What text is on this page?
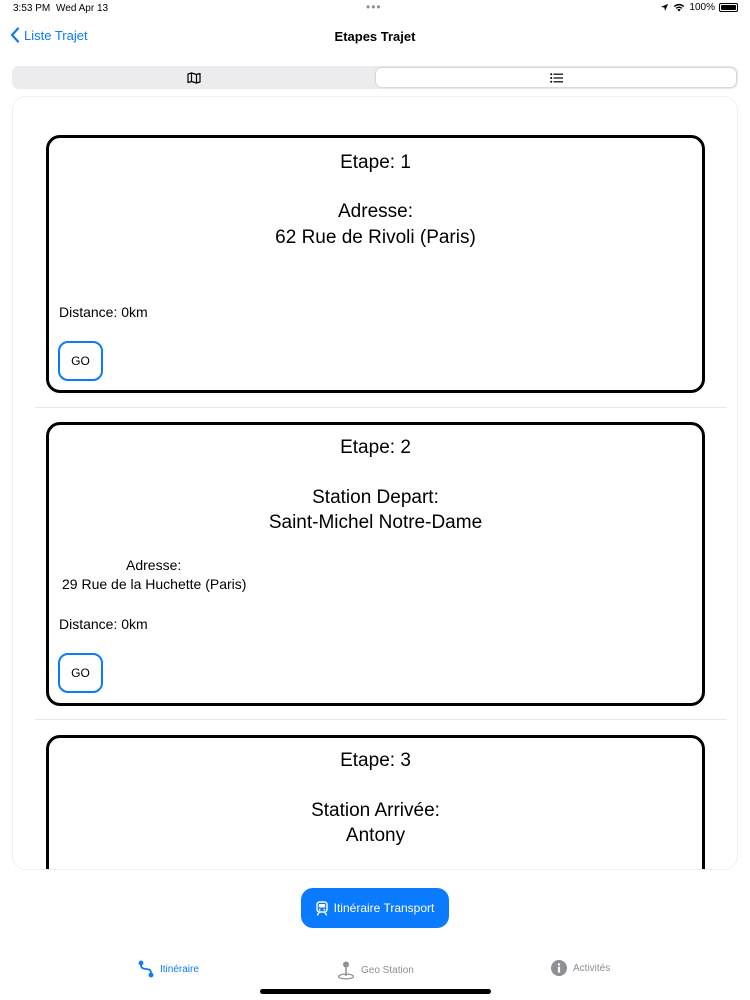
3:53 PM Wed Apr 13	•••	100%
Liste Trajet	Etapes Trajet
Etape: 1
Adresse:
62 Rue de Rivoli (Paris)
Distance: 0km
GO
Etape: 2
Station Depart:
Saint-Michel Notre-Dame
Adresse:
29 Rue de la Huchette (Paris)
Distance: 0km
GO
Etape: 3
Station Arrivée:
Antony
Itinéraire Transport
Itinéraire	Geo Station	Activités
